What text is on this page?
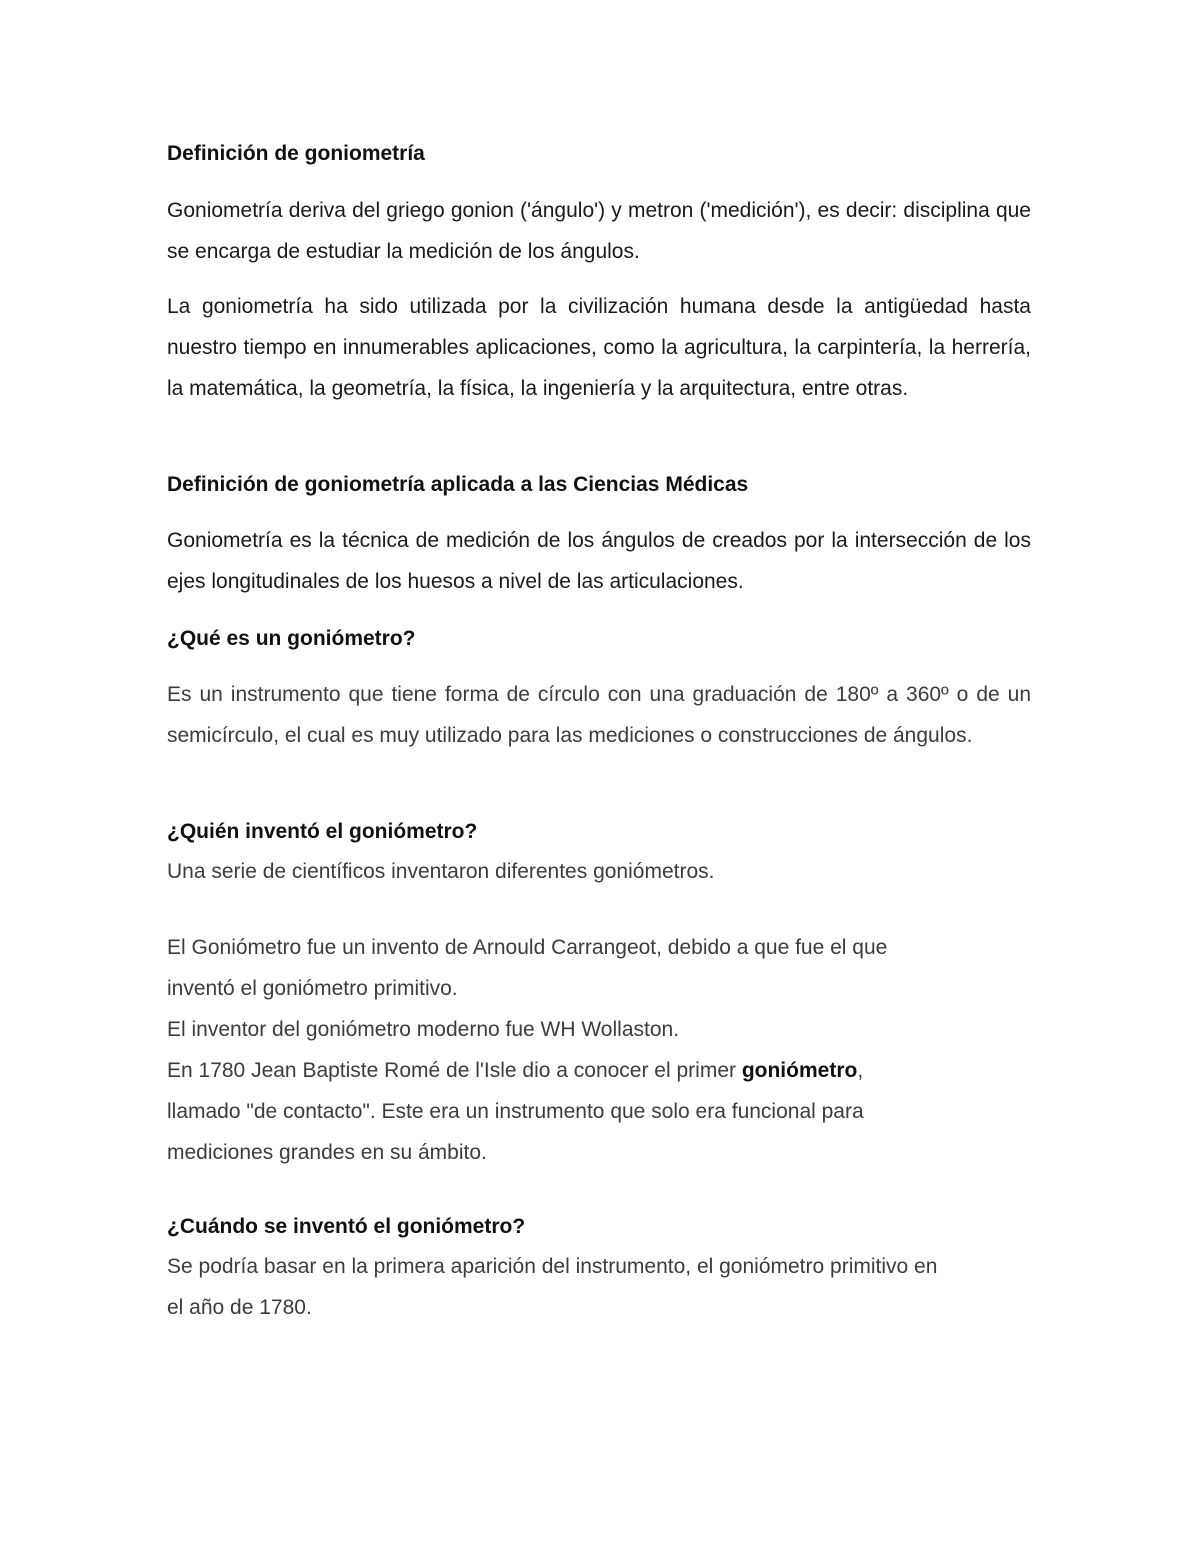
Definición de goniometría

Goniometría deriva del griego gonion ('ángulo') y metron ('medición'), es decir: disciplina que se encarga de estudiar la medición de los ángulos.

La goniometría ha sido utilizada por la civilización humana desde la antigüedad hasta nuestro tiempo en innumerables aplicaciones, como la agricultura, la carpintería, la herrería, la matemática, la geometría, la física, la ingeniería y la arquitectura, entre otras.

Definición de goniometría aplicada a las Ciencias Médicas

Goniometría es la técnica de medición de los ángulos de creados por la intersección de los ejes longitudinales de los huesos a nivel de las articulaciones.

¿Qué es un goniómetro?

Es un instrumento que tiene forma de círculo con una graduación de 180º a 360º o de un semicírculo, el cual es muy utilizado para las mediciones o construcciones de ángulos.

¿Quién inventó el goniómetro?

Una serie de científicos inventaron diferentes goniómetros.

El Goniómetro fue un invento de Arnould Carrangeot, debido a que fue el que
inventó el goniómetro primitivo.
El inventor del goniómetro moderno fue WH Wollaston.
En 1780 Jean Baptiste Romé de l'Isle dio a conocer el primer goniómetro,
llamado "de contacto". Este era un instrumento que solo era funcional para
mediciones grandes en su ámbito.
¿Cuándo se inventó el goniómetro?
Se podría basar en la primera aparición del instrumento, el goniómetro primitivo en
el año de 1780.
